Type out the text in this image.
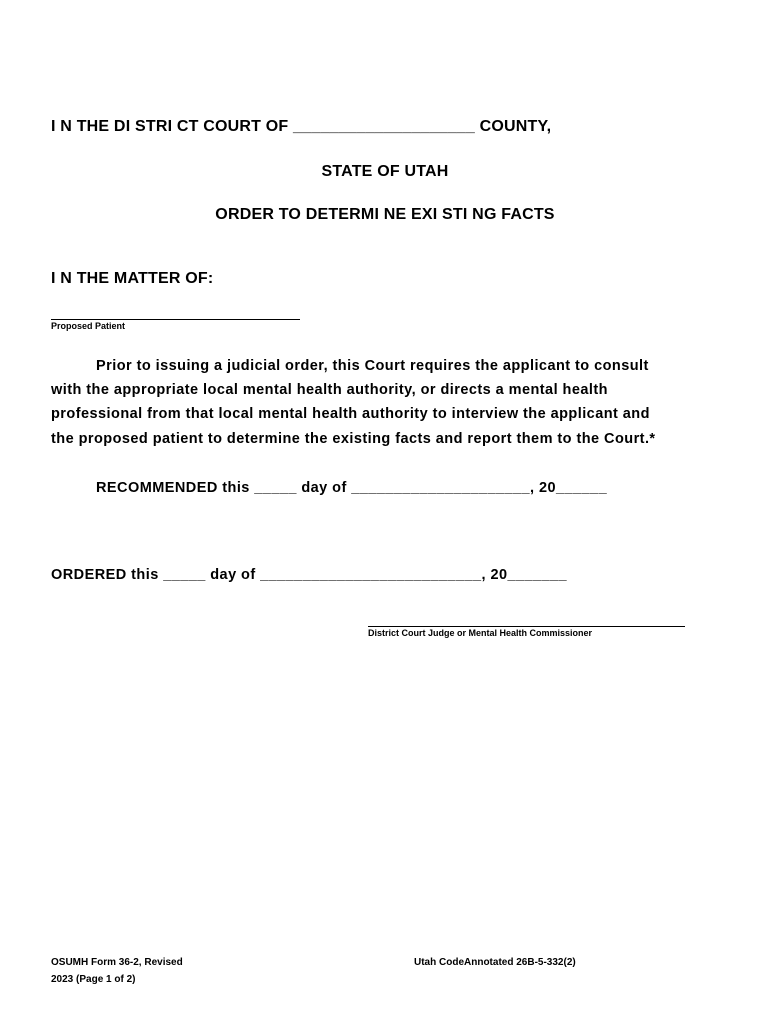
I N THE DI STRI CT COURT OF ____________________ COUNTY,
STATE OF UTAH
ORDER TO DETERMI NE EXI STI NG FACTS
I N THE MATTER OF:
Proposed Patient
Prior to issuing a judicial order, this Court requires the applicant to consult
with the appropriate local mental health authority, or directs a mental health
professional from that local mental health authority to interview the applicant and
the proposed patient to determine the existing facts and report them to the Court.*
RECOMMENDED this _____ day of _____________________, 20______
ORDERED this _____ day of __________________________, 20_______
District Court Judge or Mental Health Commissioner
OSUMH Form 36-2, Revised
2023 (Page 1 of 2)
Utah CodeAnnotated 26B-5-332(2)
